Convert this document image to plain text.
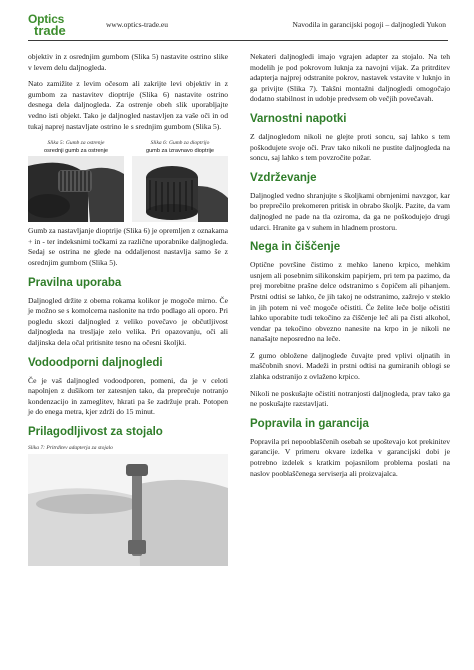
Optics
trade	www.optics-trade.eu	Navodila in garancijski pogoji – daljnogledi Yukon

objektiv in z osrednjim gumbom (Slika 5) nastavite ostrino slike v levem delu daljnogleda.

Nato zamižite z levim očesom ali zakrijte levi objektiv in z gumbom za nastavitev dioptrije (Slika 6) nastavite ostrino desnega dela daljnogleda. Za ostrenje obeh slik uporabljajte vedno isti objekt. Tako je daljnogled nastavljen za vaše oči in od tukaj naprej nastavljate ostrino le s srednjim gumbom (Slika 5).

Slika 5: Gumb za ostrenje
osrednji gumb za ostrenje
Slika 6: Gumb za dioptrijo
gumb za izravnavo dioptrije

Gumb za nastavljanje dioptrije (Slika 6) je opremljen z oznakama + in - ter indeksnimi točkami za različne uporabnike daljnogleda. Sedaj se ostrina ne glede na oddaljenost nastavlja samo še z osrednjim gumbom (Slika 5).

Pravilna uporaba

Daljnogled držite z obema rokama kolikor je mogoče mirno. Če je možno se s komolcema naslonite na trdo podlago ali oporo. Pri pogledu skozi daljnogled z veliko povečavo je občutljivost daljnogleda na tresljaje zelo velika. Pri opazovanju, oči ali daljinska dela očal pritisnite tesno na očesni školjki.

Vodoodporni daljnogledi

Če je vaš daljnogled vodoodporen, pomeni, da je v celoti napolnjen z dušikom ter zatesnjen tako, da preprečuje notranjo kondenzacijo in zameglitev, hkrati pa še zadržuje prah. Potopen je do enega metra, kjer zdrži do 15 minut.

Prilagodljivost za stojalo
Slika 7: Pritrditev adapterja za stojalo

Nekateri daljnogledi imajo vgrajen adapter za stojalo. Na teh modelih je pod pokrovom luknja za navojni vijak. Za pritrditev adapterja najprej odstranite pokrov, nastavek vstavite v luknjo in ga privijte (Slika 7). Takšni montažni daljnogledi omogočajo dodatno stabilnost in udobje predvsem ob večjih povečavah.

Varnostni napotki

Z daljnogledom nikoli ne glejte proti soncu, saj lahko s tem poškodujete svoje oči. Prav tako nikoli ne pustite daljnogleda na soncu, saj lahko s tem povzročite požar.

Vzdrževanje

Daljnogled vedno shranjujte s školjkami obrnjenimi navzgor, kar bo preprečilo prekomeren pritisk in obrabo školjk. Pazite, da vam daljnogled ne pade na tla oziroma, da ga ne poškodujejo drugi udarci. Hranite ga v suhem in hladnem prostoru.

Nega in čiščenje

Optične površine čistimo z mehko laneno krpico, mehkim usnjem ali posebnim silikonskim papirjem, pri tem pa pazimo, da prej morebitne prašne delce odstranimo s čopičem ali pihanjem. Prstni odtisi se lahko, če jih takoj ne odstranimo, zažrejo v steklo in jih potem ni več mogoče očistiti. Če želite leče bolje očistiti lahko uporabite tudi tekočino za čiščenje leč ali pa čisti alkohol, vendar pa tekočino obvezno nanesite na krpo in je nikoli ne nanašajte neposredno na leče.

Z gumo obložene daljnogleđe čuvajte pred vplivi oljnatih in maščobnih snovi. Madeži in prstni odtisi na gumiranih oblogi se zlahka odstranijo z ovlaženo krpico.

Nikoli ne poskušajte očistiti notranjosti daljnogleda, prav tako ga ne poskušajte razstavljati.

Popravila in garancija

Popravila pri nepooblaščenih osebah se upoštevajo kot prekinitev garancije. V primeru okvare izdelka v garancijski dobi je potrebno izdelek s kratkim pojasnilom problema poslati na naslov pooblaščenega serviserja ali proizvajalca.
